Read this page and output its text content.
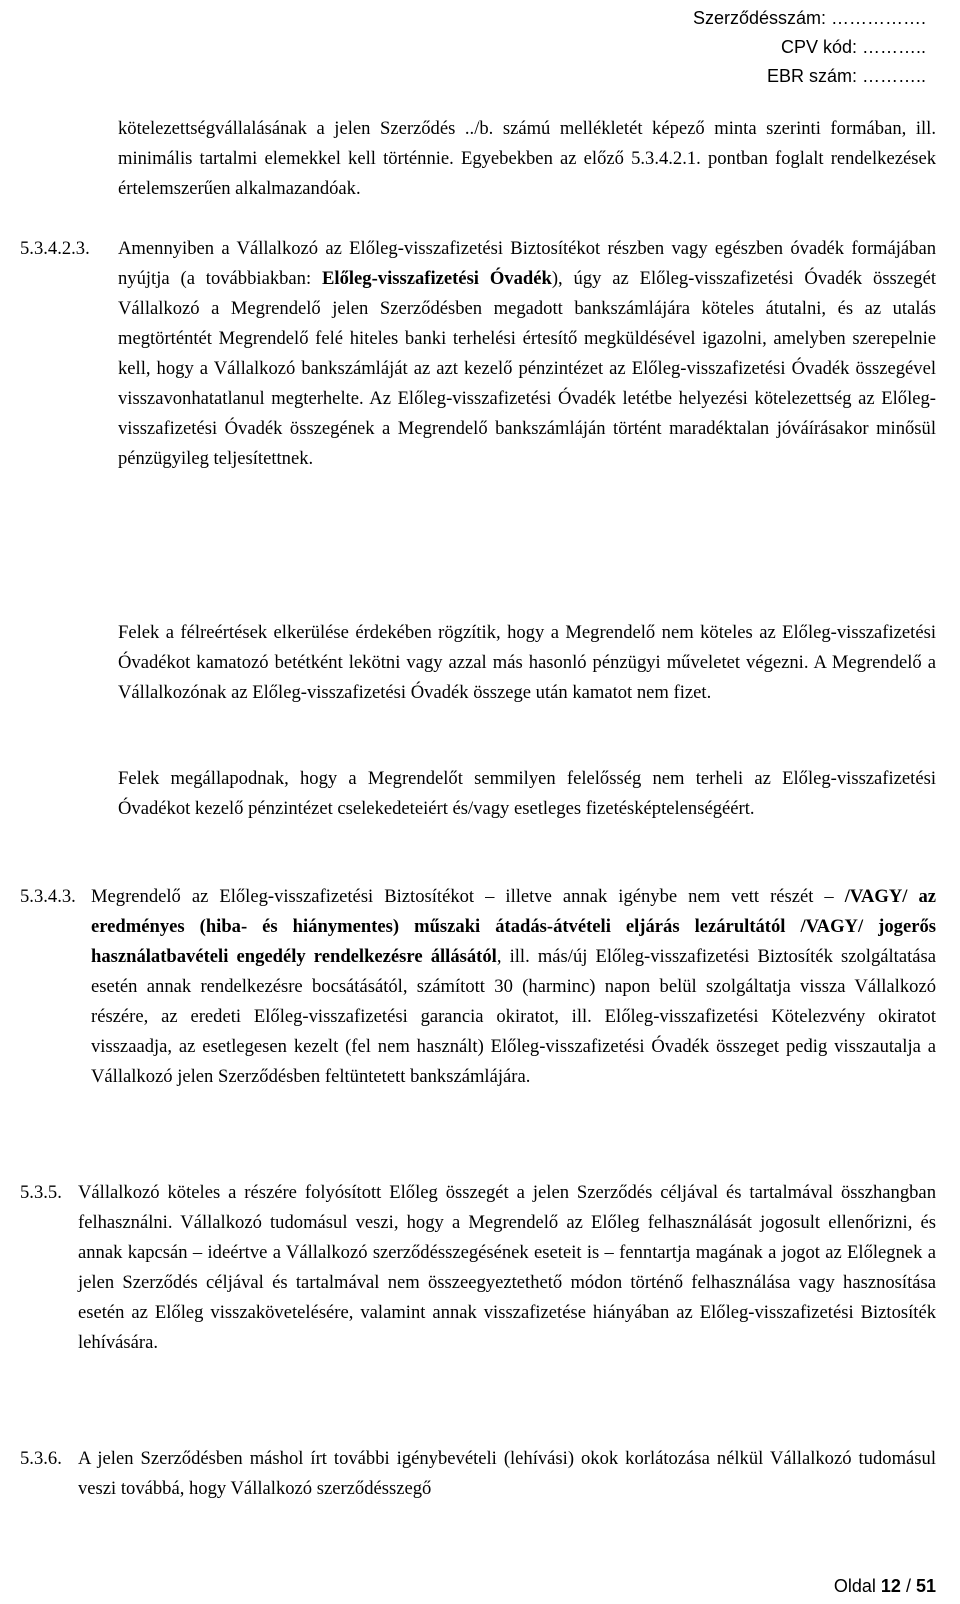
Szerződésszám: …………….
CPV kód: ………..
EBR szám: ………..

kötelezettségvállalásának a jelen Szerződés ../b. számú mellékletét képező minta szerinti formában, ill. minimális tartalmi elemekkel kell történnie. Egyebekben az előző 5.3.4.2.1. pontban foglalt rendelkezések értelemszerűen alkalmazandóak.

5.3.4.2.3. Amennyiben a Vállalkozó az Előleg-visszafizetési Biztosítékot részben vagy egészben óvadék formájában nyújtja (a továbbiakban: Előleg-visszafizetési Óvadék), úgy az Előleg-visszafizetési Óvadék összegét Vállalkozó a Megrendelő jelen Szerződésben megadott bankszámlájára köteles átutalni, és az utalás megtörténtét Megrendelő felé hiteles banki terhelési értesítő megküldésével igazolni, amelyben szerepelnie kell, hogy a Vállalkozó bankszámláját az azt kezelő pénzintézet az Előleg-visszafizetési Óvadék összegével visszavonhatatlanul megterhelte. Az Előleg-visszafizetési Óvadék letétbe helyezési kötelezettség az Előleg-visszafizetési Óvadék összegének a Megrendelő bankszámláján történt maradéktalan jóváírásakor minősül pénzügyileg teljesítettnek.

Felek a félreértések elkerülése érdekében rögzítik, hogy a Megrendelő nem köteles az Előleg-visszafizetési Óvadékot kamatozó betétként lekötni vagy azzal más hasonló pénzügyi műveletet végezni. A Megrendelő a Vállalkozónak az Előleg-visszafizetési Óvadék összege után kamatot nem fizet.

Felek megállapodnak, hogy a Megrendelőt semmilyen felelősség nem terheli az Előleg-visszafizetési Óvadékot kezelő pénzintézet cselekedeteiért és/vagy esetleges fizetésképtelenségéért.

5.3.4.3. Megrendelő az Előleg-visszafizetési Biztosítékot – illetve annak igénybe nem vett részét – /VAGY/ az eredményes (hiba- és hiánymentes) műszaki átadás-átvételi eljárás lezárultától /VAGY/ jogerős használatbavételi engedély rendelkezésre állásától, ill. más/új Előleg-visszafizetési Biztosíték szolgáltatása esetén annak rendelkezésre bocsátásától, számított 30 (harminc) napon belül szolgáltatja vissza Vállalkozó részére, az eredeti Előleg-visszafizetési garancia okiratot, ill. Előleg-visszafizetési Kötelezvény okiratot visszaadja, az esetlegesen kezelt (fel nem használt) Előleg-visszafizetési Óvadék összeget pedig visszautalja a Vállalkozó jelen Szerződésben feltüntetett bankszámlájára.

5.3.5. Vállalkozó köteles a részére folyósított Előleg összegét a jelen Szerződés céljával és tartalmával összhangban felhasználni. Vállalkozó tudomásul veszi, hogy a Megrendelő az Előleg felhasználását jogosult ellenőrizni, és annak kapcsán – ideértve a Vállalkozó szerződésszegésének eseteit is – fenntartja magának a jogot az Előlegnek a jelen Szerződés céljával és tartalmával nem összeegyeztethető módon történő felhasználása vagy hasznosítása esetén az Előleg visszakövetelésére, valamint annak visszafizetése hiányában az Előleg-visszafizetési Biztosíték lehívására.

5.3.6. A jelen Szerződésben máshol írt további igénybevételi (lehívási) okok korlátozása nélkül Vállalkozó tudomásul veszi továbbá, hogy Vállalkozó szerződésszegő

Oldal 12 / 51
